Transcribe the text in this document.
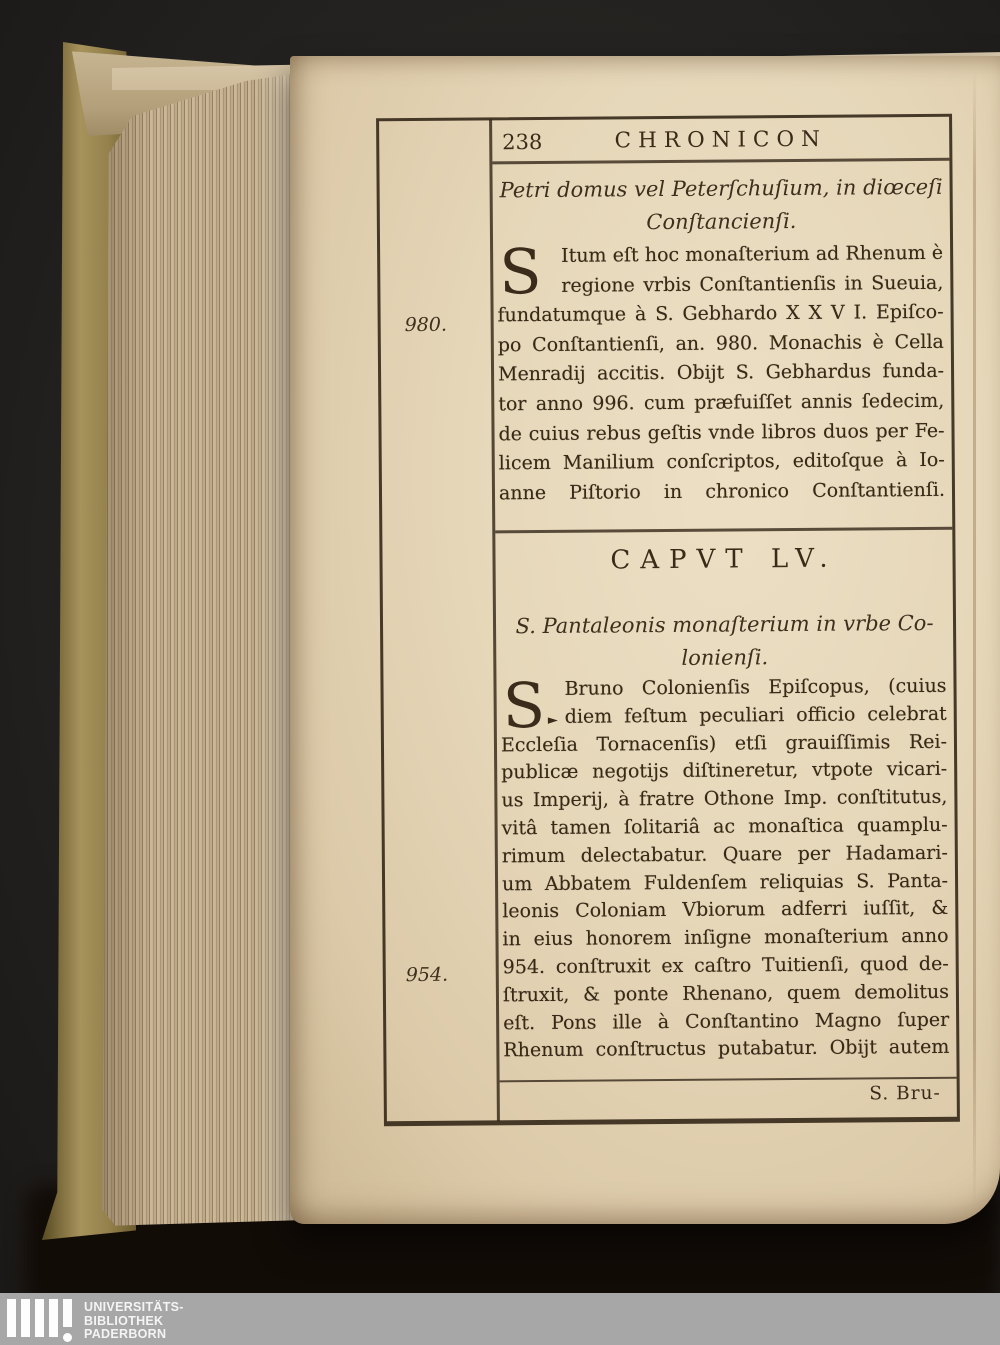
980.
954.
238	CHRONICON
Petri domus vel Peterſchuſium, in diœceſi
Conſtancienſi.
S	Itum eſt hoc monaſterium ad Rhenum è
regione vrbis Conſtantienſis in Sueuia,
fundatumque à S. Gebhardo X X V I. Epiſco-
po Conſtantienſi, an. 980. Monachis è Cella
Menradij accitis. Obijt S. Gebhardus funda-
tor anno 996. cum præfuiſſet annis ſedecim,
de cuius rebus geſtis vnde libros duos per Fe-
licem Manilium conſcriptos, editoſque à Io-
anne Piſtorio in chronico Conſtantienſi.
CAPVT LV.
S. Pantaleonis monaſterium in vrbe Co-
lonienſi.
S ►
Bruno Colonienſis Epiſcopus, (cuius
diem feſtum peculiari officio celebrat
Eccleſia Tornacenſis) etſi grauiſſimis Rei-
publicæ negotijs diſtineretur, vtpote vicari-
us Imperij, à fratre Othone Imp. conſtitutus,
vitâ tamen ſolitariâ ac monaſtica quamplu-
rimum delectabatur. Quare per Hadamari-
um Abbatem Fuldenſem reliquias S. Panta-
leonis Coloniam Vbiorum adferri iuſſit, &
in eius honorem inſigne monaſterium anno
954. conſtruxit ex caſtro Tuitienſi, quod de-
ſtruxit, & ponte Rhenano, quem demolitus
eſt. Pons ille à Conſtantino Magno ſuper
Rhenum conſtructus putabatur. Obijt autem
S. Bru-
UNIVERSITÄTS-
BIBLIOTHEK
PADERBORN
